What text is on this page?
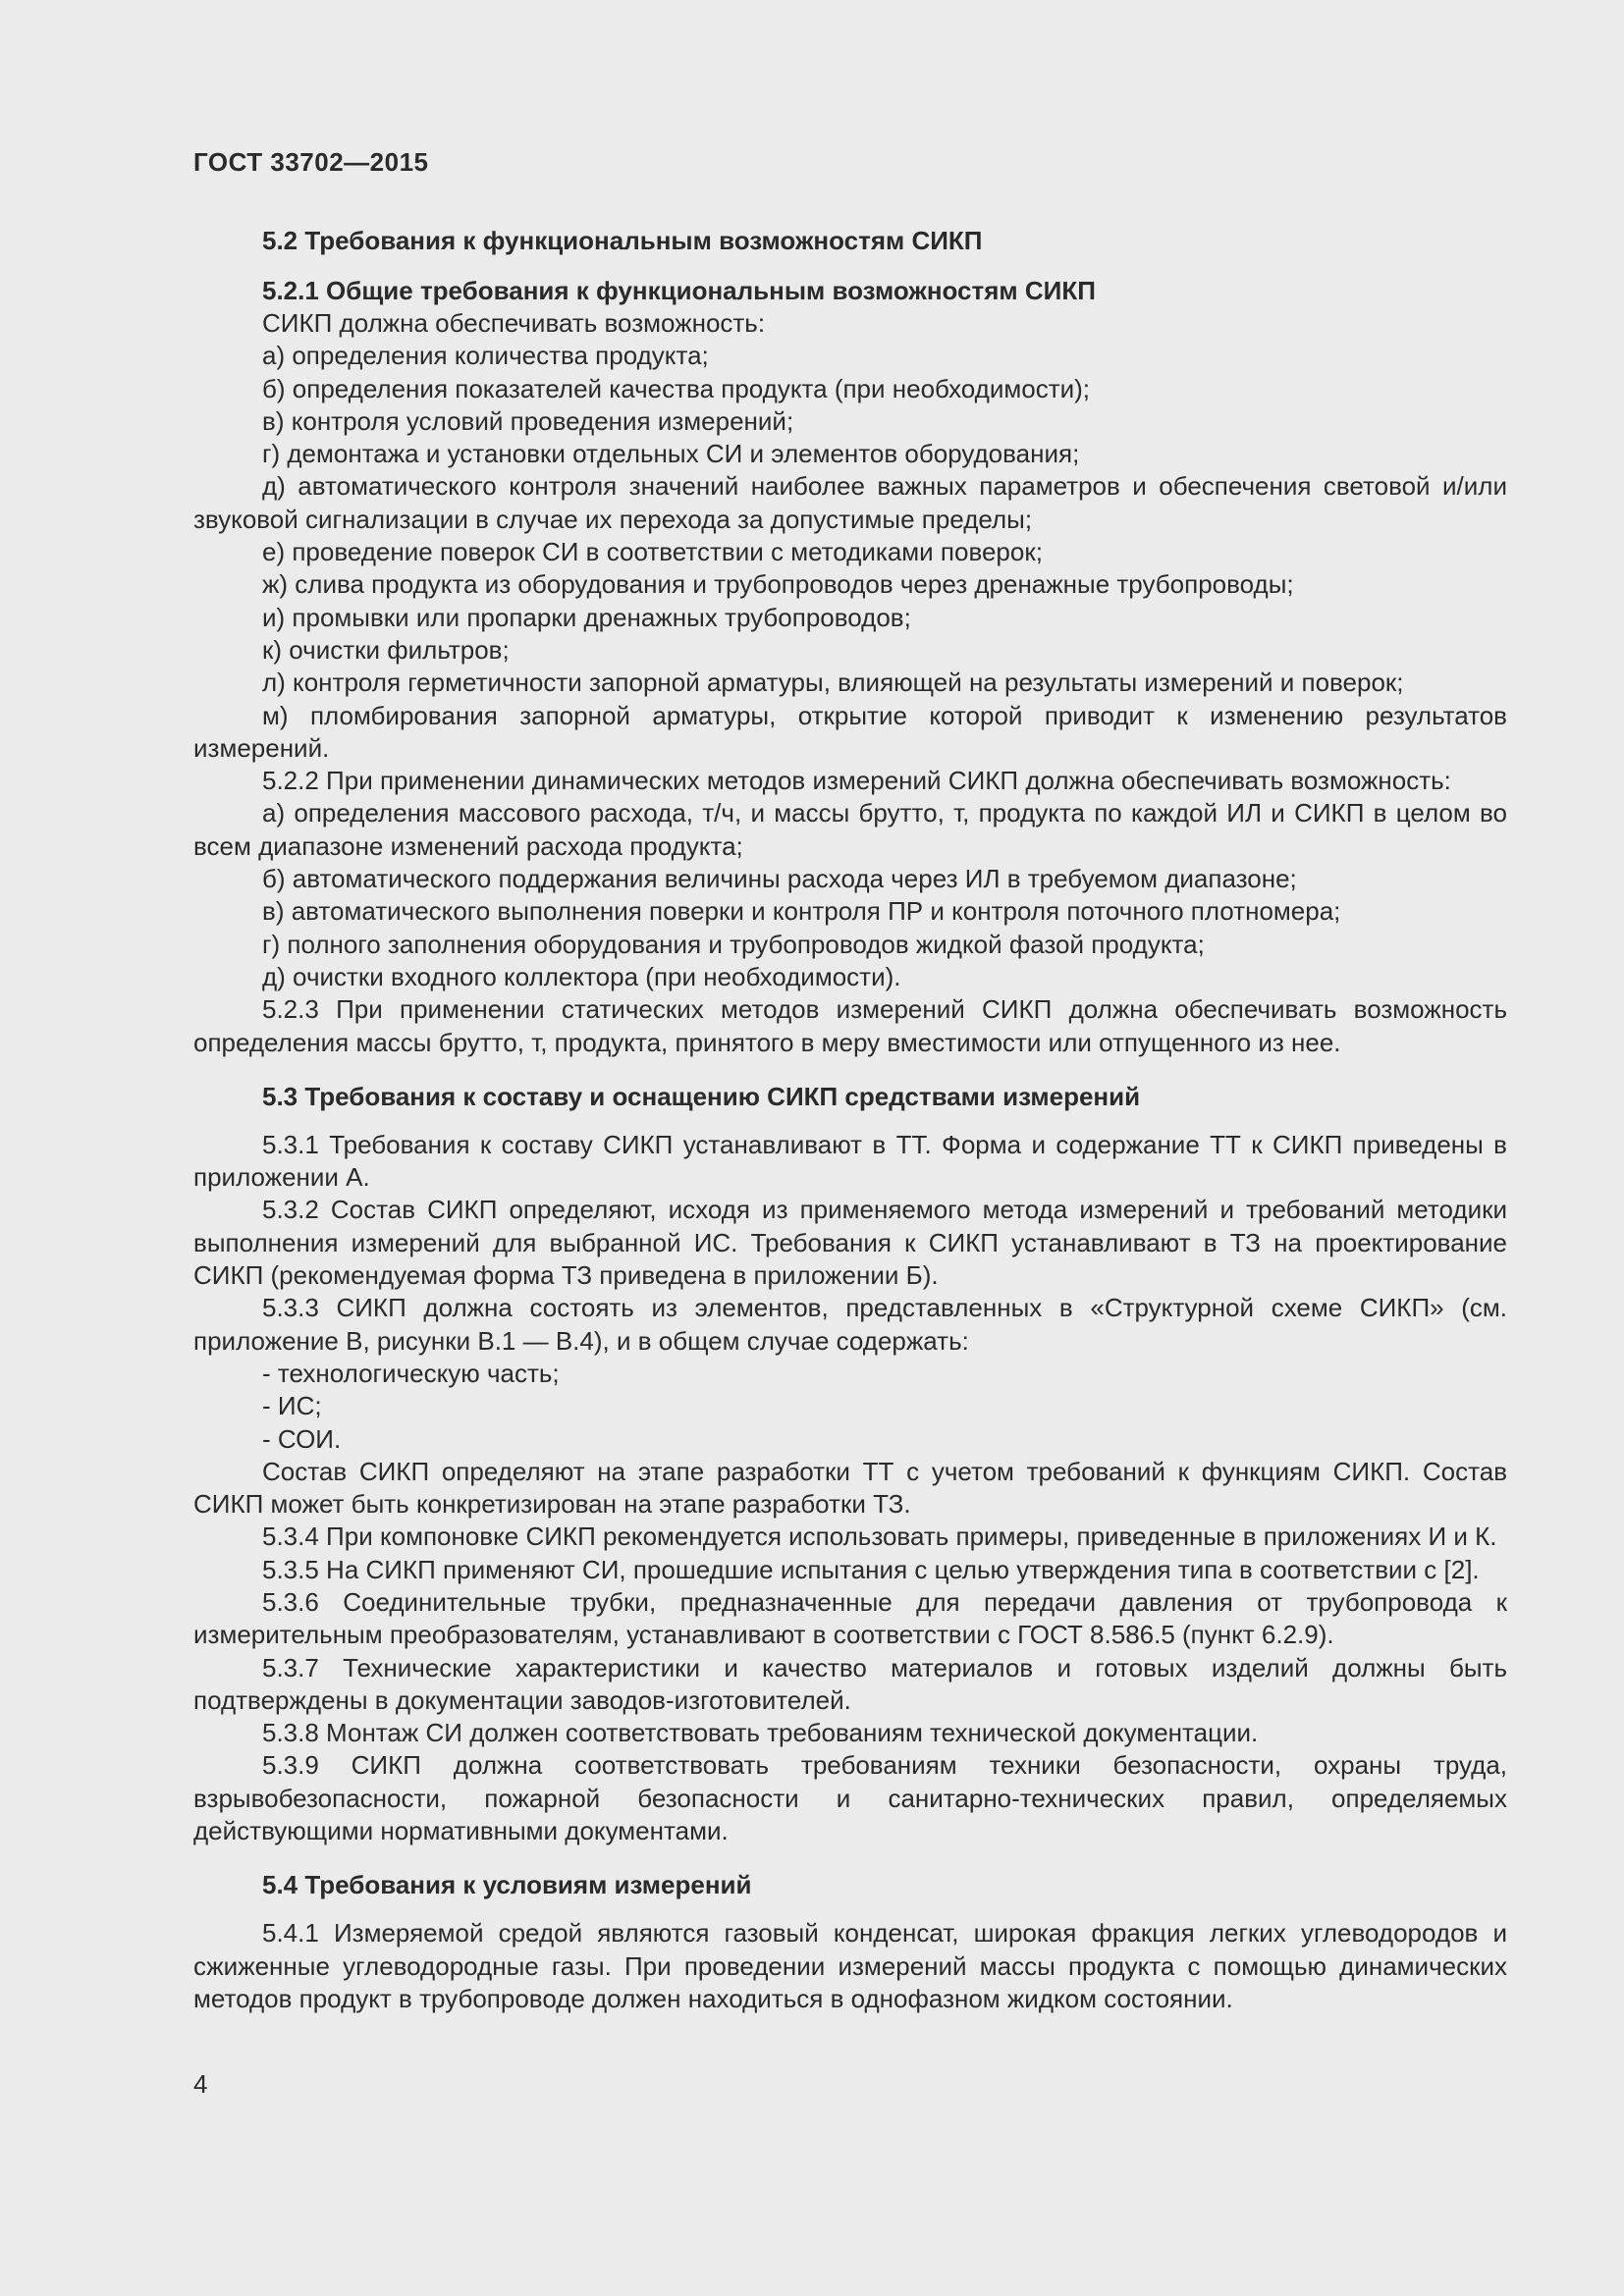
ГОСТ 33702—2015
5.2 Требования к функциональным возможностям СИКП
5.2.1 Общие требования к функциональным возможностям СИКП
СИКП должна обеспечивать возможность:
а) определения количества продукта;
б) определения показателей качества продукта (при необходимости);
в) контроля условий проведения измерений;
г) демонтажа и установки отдельных СИ и элементов оборудования;
д) автоматического контроля значений наиболее важных параметров и обеспечения световой и/или звуковой сигнализации в случае их перехода за допустимые пределы;
е) проведение поверок СИ в соответствии с методиками поверок;
ж) слива продукта из оборудования и трубопроводов через дренажные трубопроводы;
и) промывки или пропарки дренажных трубопроводов;
к) очистки фильтров;
л) контроля герметичности запорной арматуры, влияющей на результаты измерений и поверок;
м) пломбирования запорной арматуры, открытие которой приводит к изменению результатов измерений.
5.2.2 При применении динамических методов измерений СИКП должна обеспечивать возможность:
а) определения массового расхода, т/ч, и массы брутто, т, продукта по каждой ИЛ и СИКП в целом во всем диапазоне изменений расхода продукта;
б) автоматического поддержания величины расхода через ИЛ в требуемом диапазоне;
в) автоматического выполнения поверки и контроля ПР и контроля поточного плотномера;
г) полного заполнения оборудования и трубопроводов жидкой фазой продукта;
д) очистки входного коллектора (при необходимости).
5.2.3 При применении статических методов измерений СИКП должна обеспечивать возможность определения массы брутто, т, продукта, принятого в меру вместимости или отпущенного из нее.
5.3 Требования к составу и оснащению СИКП средствами измерений
5.3.1 Требования к составу СИКП устанавливают в ТТ. Форма и содержание ТТ к СИКП приведены в приложении А.
5.3.2 Состав СИКП определяют, исходя из применяемого метода измерений и требований методики выполнения измерений для выбранной ИС. Требования к СИКП устанавливают в ТЗ на проектирование СИКП (рекомендуемая форма ТЗ приведена в приложении Б).
5.3.3 СИКП должна состоять из элементов, представленных в «Структурной схеме СИКП» (см. приложение В, рисунки В.1 — В.4), и в общем случае содержать:
- технологическую часть;
- ИС;
- СОИ.
Состав СИКП определяют на этапе разработки ТТ с учетом требований к функциям СИКП. Состав СИКП может быть конкретизирован на этапе разработки ТЗ.
5.3.4 При компоновке СИКП рекомендуется использовать примеры, приведенные в приложениях И и К.
5.3.5 На СИКП применяют СИ, прошедшие испытания с целью утверждения типа в соответствии с [2].
5.3.6 Соединительные трубки, предназначенные для передачи давления от трубопровода к измерительным преобразователям, устанавливают в соответствии с ГОСТ 8.586.5 (пункт 6.2.9).
5.3.7 Технические характеристики и качество материалов и готовых изделий должны быть подтверждены в документации заводов-изготовителей.
5.3.8 Монтаж СИ должен соответствовать требованиям технической документации.
5.3.9 СИКП должна соответствовать требованиям техники безопасности, охраны труда, взрывобезопасности, пожарной безопасности и санитарно-технических правил, определяемых действующими нормативными документами.
5.4 Требования к условиям измерений
5.4.1 Измеряемой средой являются газовый конденсат, широкая фракция легких углеводородов и сжиженные углеводородные газы. При проведении измерений массы продукта с помощью динамических методов продукт в трубопроводе должен находиться в однофазном жидком состоянии.
4
